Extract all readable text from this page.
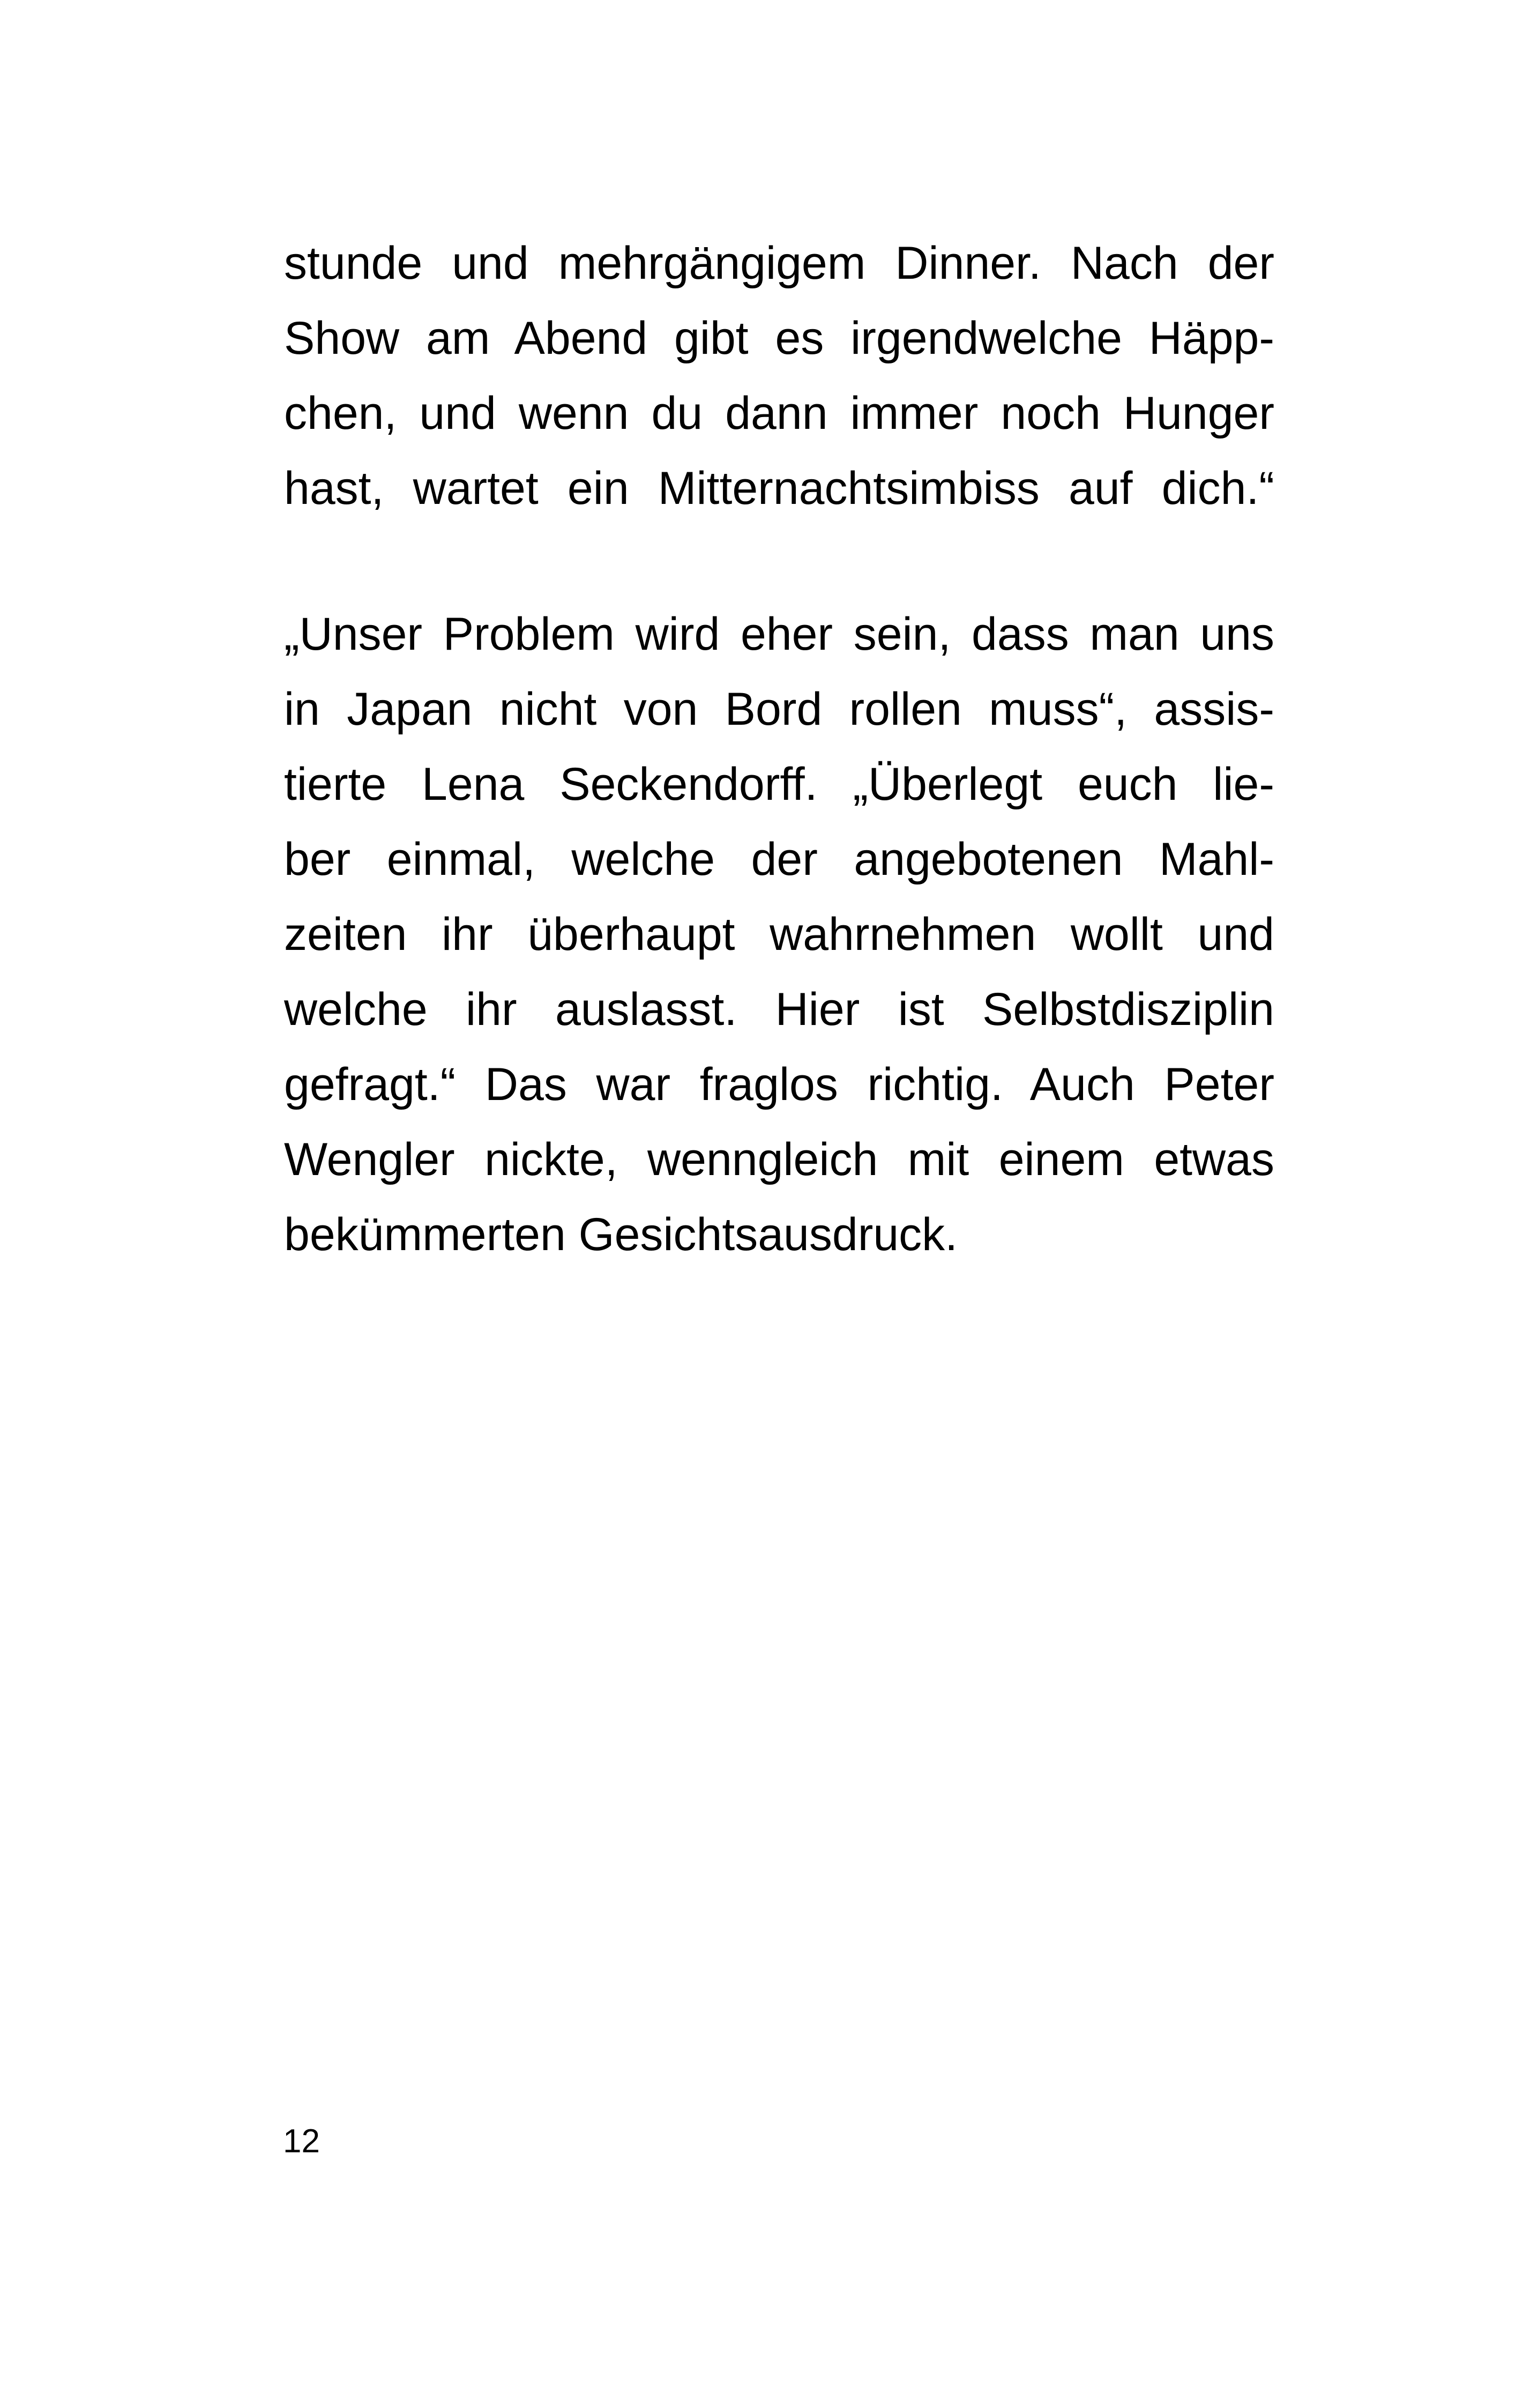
stunde und mehrgängigem Dinner. Nach der
Show am Abend gibt es irgendwelche Häpp-
chen, und wenn du dann immer noch Hunger
hast, wartet ein Mitternachtsimbiss auf dich.“
„Unser Problem wird eher sein, dass man uns
in Japan nicht von Bord rollen muss“, assis-
tierte Lena Seckendorff. „Überlegt euch lie-
ber einmal, welche der angebotenen Mahl-
zeiten ihr überhaupt wahrnehmen wollt und
welche ihr auslasst. Hier ist Selbstdisziplin
gefragt.“ Das war fraglos richtig. Auch Peter
Wengler nickte, wenngleich mit einem etwas
bekümmerten Gesichtsausdruck.
12
